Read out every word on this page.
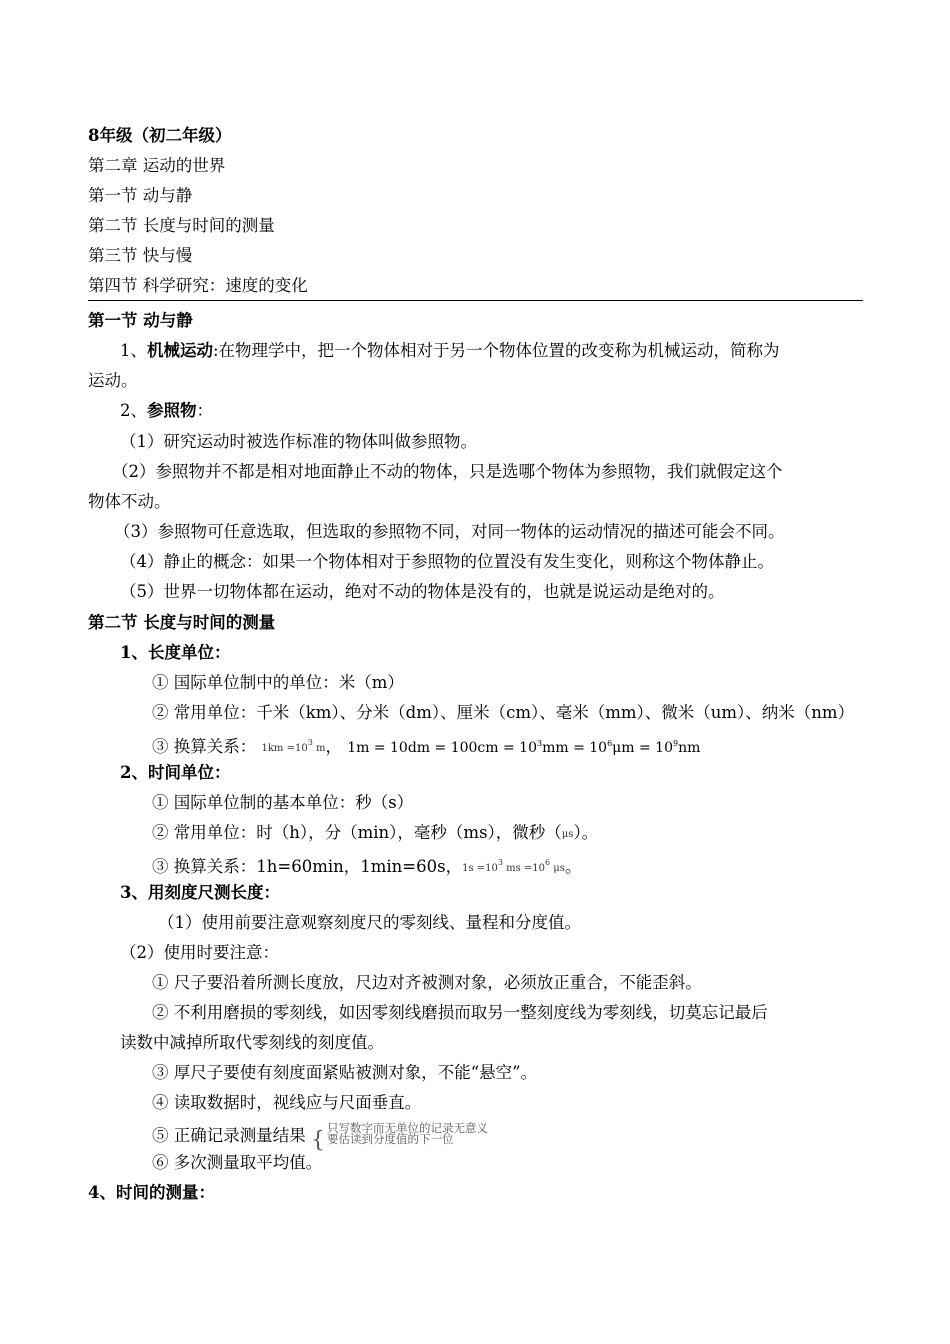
8年级（初二年级）
第二章 运动的世界
第一节 动与静
第二节 长度与时间的测量
第三节 快与慢
第四节 科学研究：速度的变化
第一节 动与静
1、机械运动:在物理学中，把一个物体相对于另一个物体位置的改变称为机械运动，简称为
运动。
2、参照物：
（1）研究运动时被选作标准的物体叫做参照物。
（2）参照物并不都是相对地面静止不动的物体，只是选哪个物体为参照物，我们就假定这个
物体不动。
（3）参照物可任意选取，但选取的参照物不同，对同一物体的运动情况的描述可能会不同。
（4）静止的概念：如果一个物体相对于参照物的位置没有发生变化，则称这个物体静止。
（5）世界一切物体都在运动，绝对不动的物体是没有的，也就是说运动是绝对的。
第二节 长度与时间的测量
1、长度单位：
① 国际单位制中的单位：米（m）
② 常用单位：千米（km）、分米（dm）、厘米（cm）、毫米（mm）、微米（um）、纳米（nm）
③ 换算关系： $1km =10^3$ m， $1m = 10dm = 100cm = 10^3mm = 10^6\mu m = 10^9nm$
2、时间单位：
① 国际单位制的基本单位：秒（s）
② 常用单位：时（h），分（min），毫秒（ms），微秒（μs）。
③ 换算关系：1h=60min，1min=60s，$1s =10^3$ ms $=10^6$ μs。
3、用刻度尺测长度：
（1）使用前要注意观察刻度尺的零刻线、量程和分度值。
（2）使用时要注意：
① 尺子要沿着所测长度放，尺边对齐被测对象，必须放正重合，不能歪斜。
② 不利用磨损的零刻线，如因零刻线磨损而取另一整刻度线为零刻线，切莫忘记最后
读数中减掉所取代零刻线的刻度值。
③ 厚尺子要使有刻度面紧贴被测对象，不能“悬空”。
④ 读取数据时，视线应与尺面垂直。
⑤ 正确记录测量结果 { 只写数字而无单位的记录无意义
要估读到分度值的下一位
⑥ 多次测量取平均值。
4、时间的测量：
